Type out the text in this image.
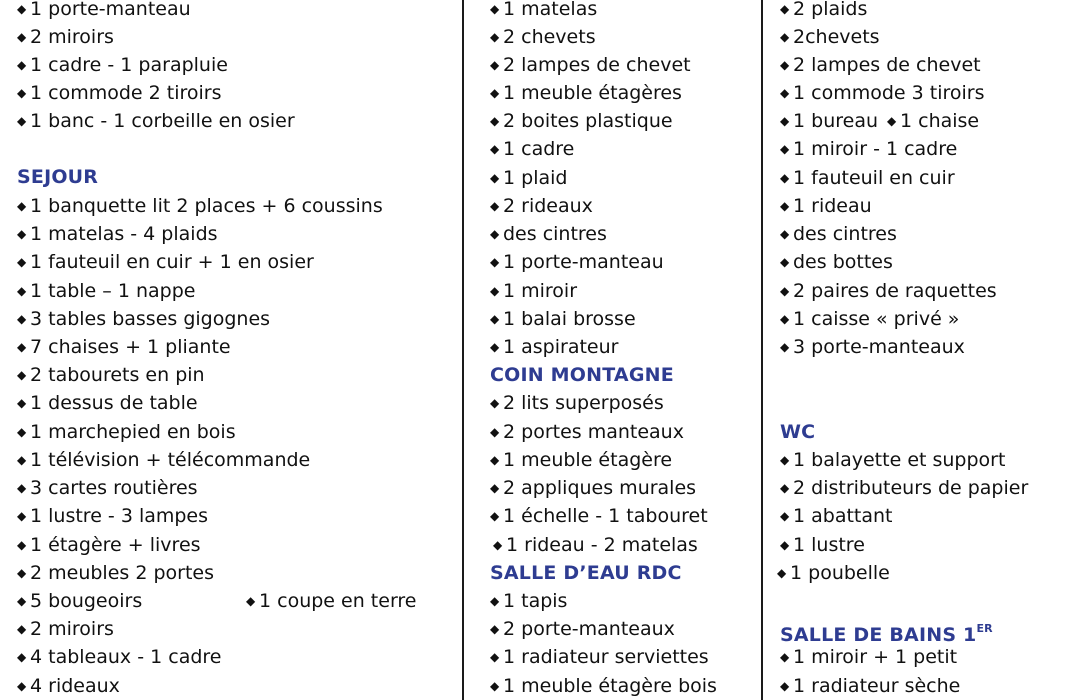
◆ 1 porte-manteau
◆ 2 miroirs
◆ 1 cadre - 1 parapluie
◆ 1 commode 2 tiroirs
◆ 1 banc - 1 corbeille en osier
SEJOUR
◆ 1 banquette lit 2 places + 6 coussins
◆ 1 matelas - 4 plaids
◆ 1 fauteuil en cuir + 1 en osier
◆ 1 table – 1 nappe
◆ 3 tables basses gigognes
◆ 7 chaises + 1 pliante
◆ 2 tabourets en pin
◆ 1 dessus de table
◆ 1 marchepied en bois
◆ 1 télévision + télécommande
◆ 3 cartes routières
◆ 1 lustre - 3 lampes
◆ 1 étagère + livres
◆ 2 meubles 2 portes
◆ 5 bougeoirs	◆ 1 coupe en terre
◆ 2 miroirs
◆ 4 tableaux - 1 cadre
◆ 4 rideaux
◆ 1 matelas
◆ 2 chevets
◆ 2 lampes de chevet
◆ 1 meuble étagères
◆ 2 boites plastique
◆ 1 cadre
◆ 1 plaid
◆ 2 rideaux
◆ des cintres
◆ 1 porte-manteau
◆ 1 miroir
◆ 1 balai brosse
◆ 1 aspirateur
COIN MONTAGNE
◆ 2 lits superposés
◆ 2 portes manteaux
◆ 1 meuble étagère
◆ 2 appliques murales
◆ 1 échelle - 1 tabouret
◆ 1 rideau - 2 matelas
SALLE D’EAU RDC
◆ 1 tapis
◆ 2 porte-manteaux
◆ 1 radiateur serviettes
◆ 1 meuble étagère bois
◆ 2 plaids
◆ 2chevets
◆ 2 lampes de chevet
◆ 1 commode 3 tiroirs
◆ 1 bureau ◆ 1 chaise
◆ 1 miroir - 1 cadre
◆ 1 fauteuil en cuir
◆ 1 rideau
◆ des cintres
◆ des bottes
◆ 2 paires de raquettes
◆ 1 caisse « privé »
◆ 3 porte-manteaux
WC
◆ 1 balayette et support
◆ 2 distributeurs de papier
◆ 1 abattant
◆ 1 lustre
◆ 1 poubelle
SALLE DE BAINS 1ER
◆ 1 miroir + 1 petit
◆ 1 radiateur sèche
